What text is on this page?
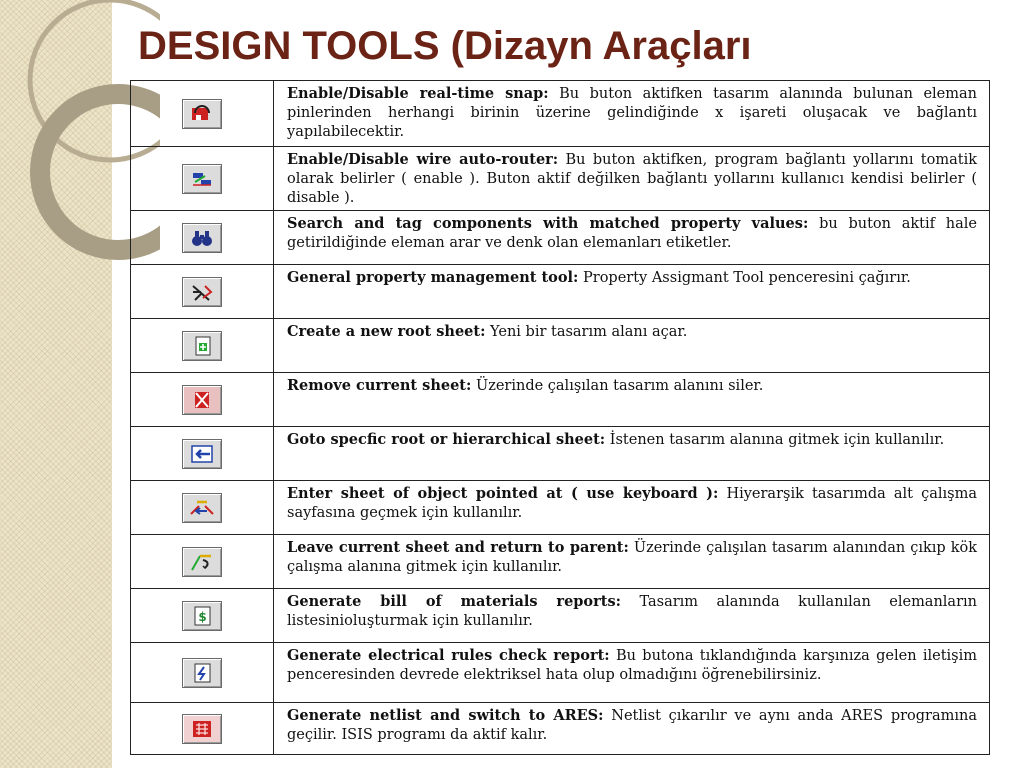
DESIGN TOOLS (Dizayn Araçları
	Enable/Disable real-time snap: Bu buton aktifken tasarım alanında bulunan eleman pinlerinden herhangi birinin üzerine gelindiğinde x işareti oluşacak ve bağlantı yapılabilecektir.

	Enable/Disable wire auto-router: Bu buton aktifken, program bağlantı yollarını tomatik olarak belirler ( enable ). Buton aktif değilken bağlantı yollarını kullanıcı kendisi belirler ( disable ).

	Search and tag components with matched property values: bu buton aktif hale getirildiğinde eleman arar ve denk olan elemanları etiketler.

	General property management tool: Property Assigmant Tool penceresini çağırır.

	Create a new root sheet: Yeni bir tasarım alanı açar.

	Remove current sheet: Üzerinde çalışılan tasarım alanını siler.

	Goto specfic root or hierarchical sheet: İstenen tasarım alanına gitmek için kullanılır.

	Enter sheet of object pointed at ( use keyboard ): Hiyerarşik tasarımda alt çalışma sayfasına geçmek için kullanılır.

	Leave current sheet and return to parent: Üzerinde çalışılan tasarım alanından çıkıp kök çalışma alanına gitmek için kullanılır.

$	Generate bill of materials reports: Tasarım alanında kullanılan elemanların listesinioluşturmak için kullanılır.

	Generate electrical rules check report: Bu butona tıklandığında karşınıza gelen iletişim penceresinden devrede elektriksel hata olup olmadığını öğrenebilirsiniz.

	Generate netlist and switch to ARES: Netlist çıkarılır ve aynı anda ARES programına geçilir. ISIS programı da aktif kalır.
